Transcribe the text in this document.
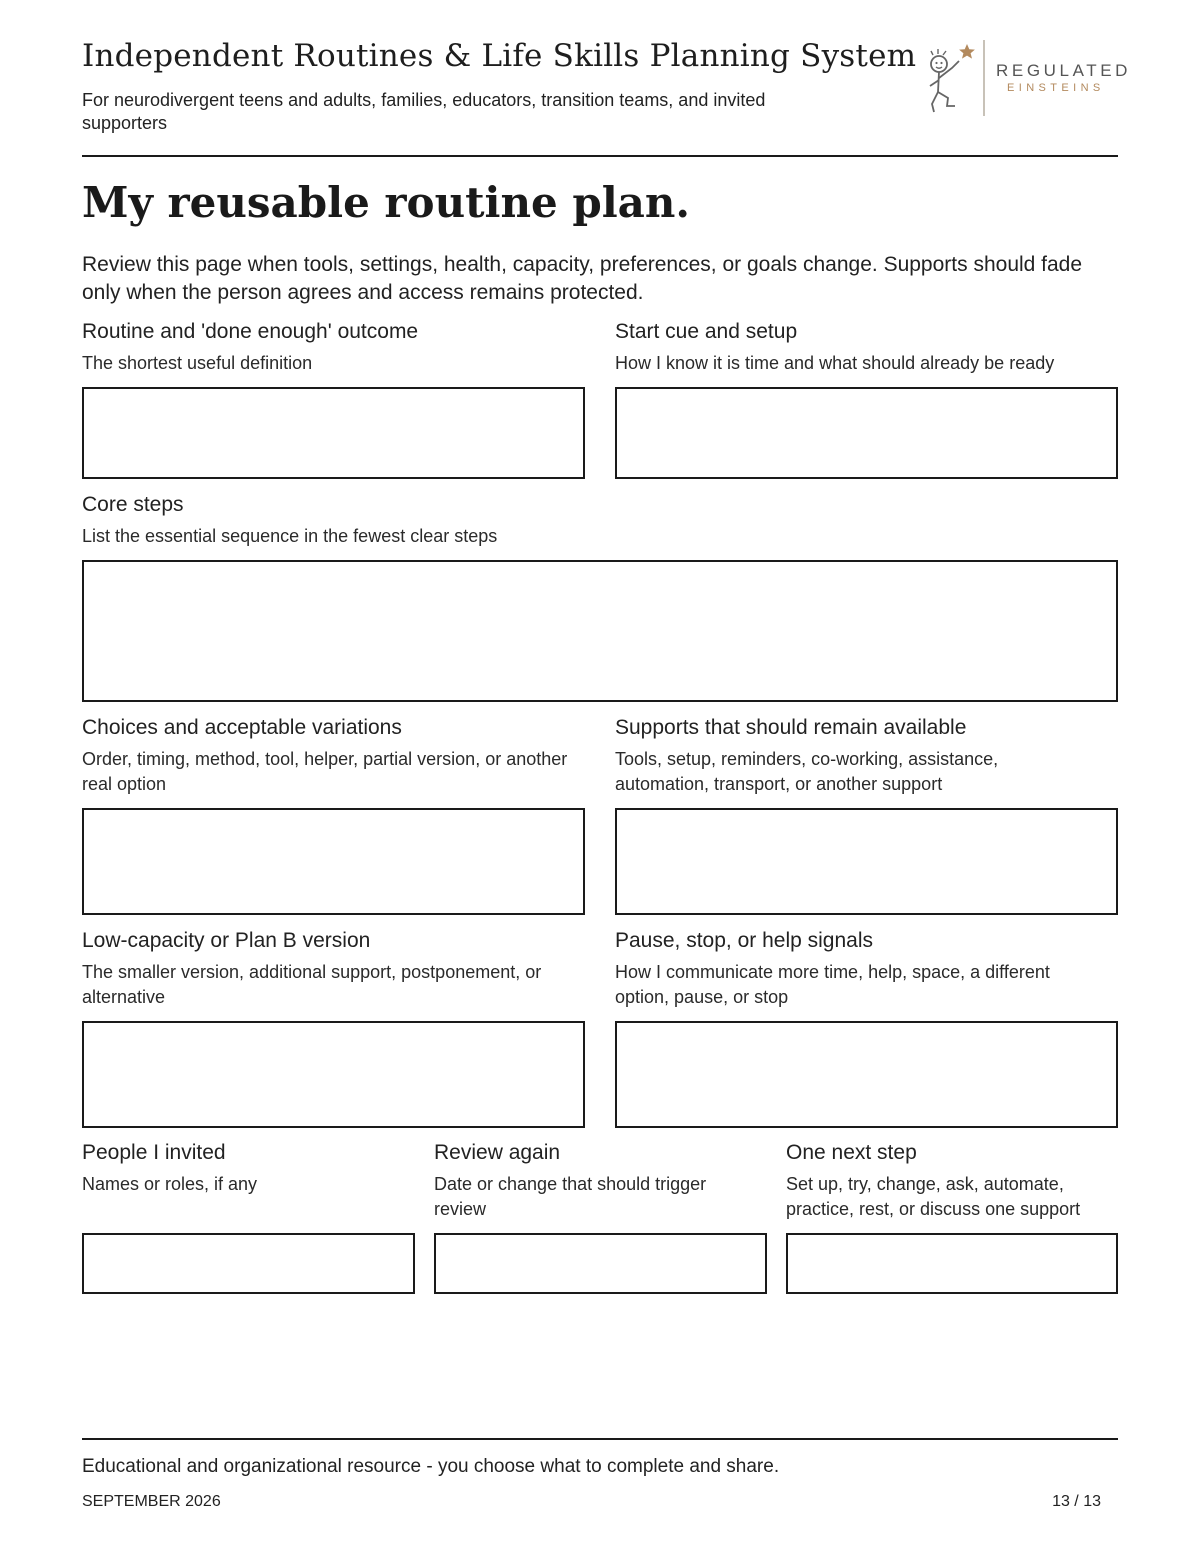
Independent Routines & Life Skills Planning System

For neurodivergent teens and adults, families, educators, transition teams, and invited supporters

REGULATED
EINSTEINS
My reusable routine plan.

Review this page when tools, settings, health, capacity, preferences, or goals change. Supports should fade only when the person agrees and access remains protected.

Routine and 'done enough' outcome
The shortest useful definition
Start cue and setup
How I know it is time and what should already be ready
Core steps
List the essential sequence in the fewest clear steps
Choices and acceptable variations
Order, timing, method, tool, helper, partial version, or another real option
Supports that should remain available
Tools, setup, reminders, co-working, assistance, automation, transport, or another support
Low-capacity or Plan B version
The smaller version, additional support, postponement, or alternative
Pause, stop, or help signals
How I communicate more time, help, space, a different option, pause, or stop
People I invited
Names or roles, if any
Review again
Date or change that should trigger review
One next step
Set up, try, change, ask, automate, practice, rest, or discuss one support
Educational and organizational resource - you choose what to complete and share.
SEPTEMBER 2026	13 / 13
